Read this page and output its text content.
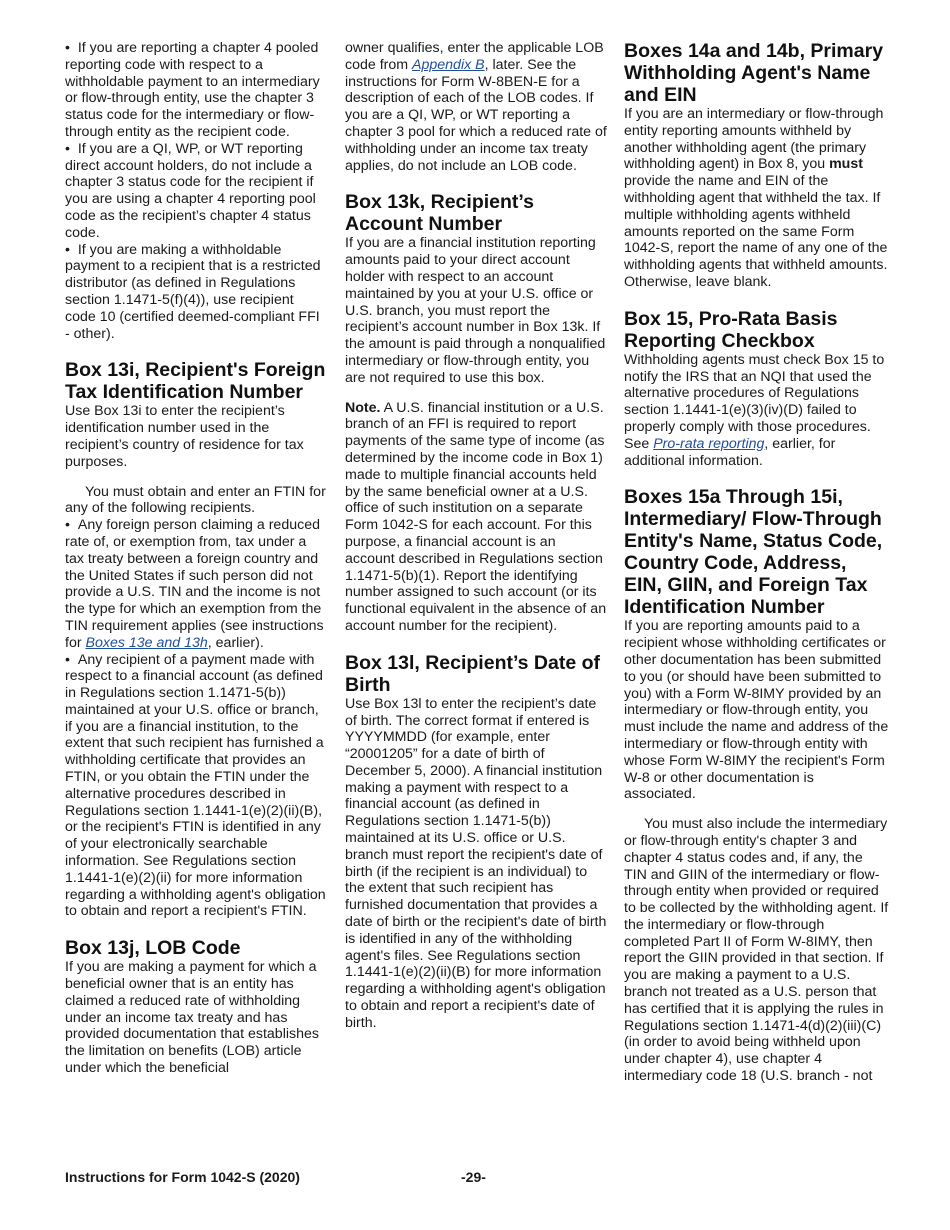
•  If you are reporting a chapter 4 pooled reporting code with respect to a withholdable payment to an intermediary or flow-through entity, use the chapter 3 status code for the intermediary or flow-through entity as the recipient code.

•  If you are a QI, WP, or WT reporting direct account holders, do not include a chapter 3 status code for the recipient if you are using a chapter 4 reporting pool code as the recipient’s chapter 4 status code.

•  If you are making a withholdable payment to a recipient that is a restricted distributor (as defined in Regulations section 1.1471-5(f)(4)), use recipient code 10 (certified deemed-compliant FFI - other).

Box 13i, Recipient's Foreign Tax Identification Number

Use Box 13i to enter the recipient’s identification number used in the recipient’s country of residence for tax purposes.

You must obtain and enter an FTIN for any of the following recipients.

•  Any foreign person claiming a reduced rate of, or exemption from, tax under a tax treaty between a foreign country and the United States if such person did not provide a U.S. TIN and the income is not the type for which an exemption from the TIN requirement applies (see instructions for Boxes 13e and 13h, earlier).

•  Any recipient of a payment made with respect to a financial account (as defined in Regulations section 1.1471-5(b)) maintained at your U.S. office or branch, if you are a financial institution, to the extent that such recipient has furnished a withholding certificate that provides an FTIN, or you obtain the FTIN under the alternative procedures described in Regulations section 1.1441-1(e)(2)(ii)(B), or the recipient's FTIN is identified in any of your electronically searchable information. See Regulations section 1.1441-1(e)(2)(ii) for more information regarding a withholding agent's obligation to obtain and report a recipient's FTIN.

Box 13j, LOB Code

If you are making a payment for which a beneficial owner that is an entity has claimed a reduced rate of withholding under an income tax treaty and has provided documentation that establishes the limitation on benefits (LOB) article under which the beneficial

owner qualifies, enter the applicable LOB code from Appendix B, later. See the instructions for Form W-8BEN-E for a description of each of the LOB codes. If you are a QI, WP, or WT reporting a chapter 3 pool for which a reduced rate of withholding under an income tax treaty applies, do not include an LOB code.

Box 13k, Recipient’s Account Number

If you are a financial institution reporting amounts paid to your direct account holder with respect to an account maintained by you at your U.S. office or U.S. branch, you must report the recipient’s account number in Box 13k. If the amount is paid through a nonqualified intermediary or flow-through entity, you are not required to use this box.

Note. A U.S. financial institution or a U.S. branch of an FFI is required to report payments of the same type of income (as determined by the income code in Box 1) made to multiple financial accounts held by the same beneficial owner at a U.S. office of such institution on a separate Form 1042-S for each account. For this purpose, a financial account is an account described in Regulations section 1.1471-5(b)(1). Report the identifying number assigned to such account (or its functional equivalent in the absence of an account number for the recipient).

Box 13l, Recipient’s Date of Birth

Use Box 13l to enter the recipient’s date of birth. The correct format if entered is YYYYMMDD (for example, enter “20001205” for a date of birth of December 5, 2000). A financial institution making a payment with respect to a financial account (as defined in Regulations section 1.1471-5(b)) maintained at its U.S. office or U.S. branch must report the recipient's date of birth (if the recipient is an individual) to the extent that such recipient has furnished documentation that provides a date of birth or the recipient's date of birth is identified in any of the withholding agent's files. See Regulations section 1.1441-1(e)(2)(ii)(B) for more information regarding a withholding agent's obligation to obtain and report a recipient's date of birth.

Boxes 14a and 14b, Primary Withholding Agent's Name and EIN

If you are an intermediary or flow-through entity reporting amounts withheld by another withholding agent (the primary withholding agent) in Box 8, you must provide the name and EIN of the withholding agent that withheld the tax. If multiple withholding agents withheld amounts reported on the same Form 1042-S, report the name of any one of the withholding agents that withheld amounts. Otherwise, leave blank.

Box 15, Pro-Rata Basis Reporting Checkbox

Withholding agents must check Box 15 to notify the IRS that an NQI that used the alternative procedures of Regulations section 1.1441-1(e)(3)(iv)(D) failed to properly comply with those procedures. See Pro-rata reporting, earlier, for additional information.

Boxes 15a Through 15i, Intermediary/ Flow-Through Entity's Name, Status Code, Country Code, Address, EIN, GIIN, and Foreign Tax Identification Number

If you are reporting amounts paid to a recipient whose withholding certificates or other documentation has been submitted to you (or should have been submitted to you) with a Form W-8IMY provided by an intermediary or flow-through entity, you must include the name and address of the intermediary or flow-through entity with whose Form W-8IMY the recipient's Form W-8 or other documentation is associated.

You must also include the intermediary or flow-through entity's chapter 3 and chapter 4 status codes and, if any, the TIN and GIIN of the intermediary or flow-through entity when provided or required to be collected by the withholding agent. If the intermediary or flow-through completed Part II of Form W-8IMY, then report the GIIN provided in that section. If you are making a payment to a U.S. branch not treated as a U.S. person that has certified that it is applying the rules in Regulations section 1.1471-4(d)(2)(iii)(C) (in order to avoid being withheld upon under chapter 4), use chapter 4 intermediary code 18 (U.S. branch - not

Instructions for Form 1042-S (2020)	-29-
